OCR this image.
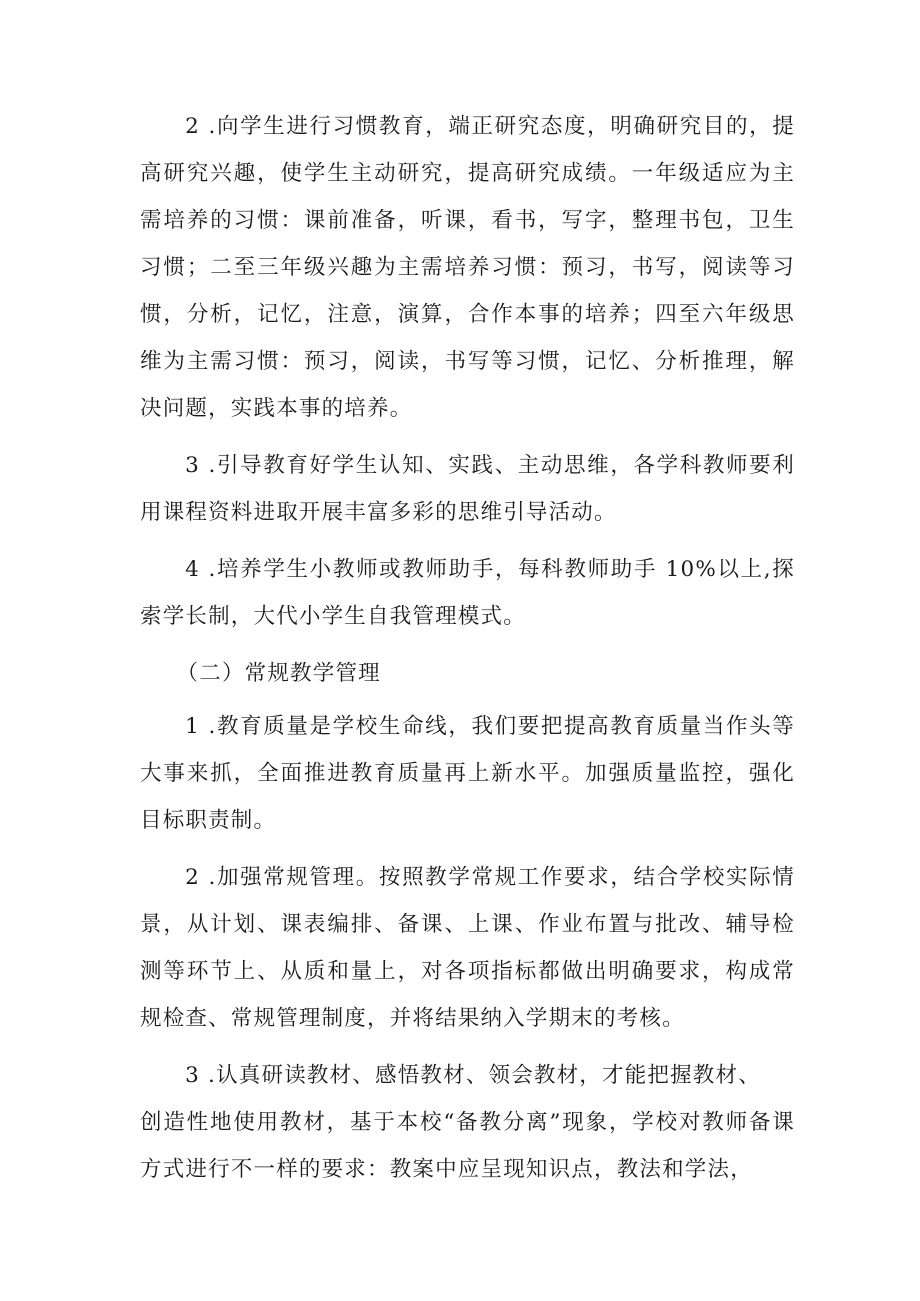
2 .向学生进行习惯教育，端正研究态度，明确研究目的，提高研究兴趣，使学生主动研究，提高研究成绩。一年级适应为主需培养的习惯：课前准备，听课，看书，写字，整理书包，卫生习惯；二至三年级兴趣为主需培养习惯：预习，书写，阅读等习惯，分析，记忆，注意，演算，合作本事的培养；四至六年级思维为主需习惯：预习，阅读，书写等习惯，记忆、分析推理，解决问题，实践本事的培养。

3 .引导教育好学生认知、实践、主动思维，各学科教师要利用课程资料进取开展丰富多彩的思维引导活动。

4 .培养学生小教师或教师助手，每科教师助手 10%以上,探索学长制，大代小学生自我管理模式。

（二）常规教学管理

1 .教育质量是学校生命线，我们要把提高教育质量当作头等大事来抓，全面推进教育质量再上新水平。加强质量监控，强化目标职责制。

2 .加强常规管理。按照教学常规工作要求，结合学校实际情景，从计划、课表编排、备课、上课、作业布置与批改、辅导检测等环节上、从质和量上，对各项指标都做出明确要求，构成常规检查、常规管理制度，并将结果纳入学期末的考核。

3 .认真研读教材、感悟教材、领会教材，才能把握教材、

创造性地使用教材，基于本校“备教分离”现象，学校对教师备课方式进行不一样的要求：教案中应呈现知识点，教法和学法，
